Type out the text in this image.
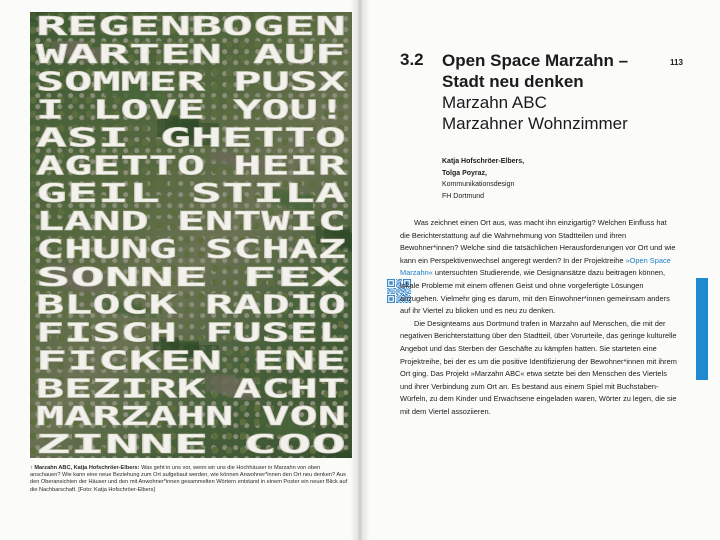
REGENBOGEN
WARTEN AUF
SOMMER PUSX
I LOVE YOU!
ASI GHETTO
AGETTO HEIR
GEIL STILA
LAND ENTWIC
CHUNG SCHAZ
SONNE FEX
BLOCK RADIO
FISCH FUSEL
FICKEN ENE
BEZIRK ACHT
MARZAHN VON
ZINNE COO
↑ Marzahn ABC, Katja Hofschröer-Elbers: Was geht in uns vor, wenn wir uns die Hochhäuser in Marzahn von oben anschauen? Wie kann eine neue Beziehung zum Ort aufgebaut werden, wie können Anwohner*innen den Ort neu denken? Aus den Oberansichten der Häuser und den mit Anwohner*innen gesammelten Wörtern entstand in einem Poster ein neuer Blick auf die Nachbarschaft. [Foto: Katja Hofschröer-Elbers]
3.2 Open Space Marzahn –

Stadt neu denken

Marzahn ABC

Marzahner Wohnzimmer

113
Katja Hofschröer-Elbers,
Tolga Poyraz,
Kommunikationsdesign
FH Dortmund

Was zeichnet einen Ort aus, was macht ihn einzigartig? Welchen Einfluss hat die Berichterstattung auf die Wahrnehmung von Stadtteilen und ihren Bewohner*innen? Welche sind die tatsächlichen Herausforderungen vor Ort und wie kann ein Perspektivenwechsel angeregt werden? In der Projektreihe »Open Space Marzahn« untersuchten Studierende, wie Designansätze dazu beitragen können, lokale Probleme mit einem offenen Geist und ohne vorgefertigte Lösungen anzugehen. Vielmehr ging es darum, mit den Einwohner*innen gemeinsam anders auf ihr Viertel zu blicken und es neu zu denken.

Die Designteams aus Dortmund trafen in Marzahn auf Menschen, die mit der negativen Berichterstattung über den Stadtteil, über Vorurteile, das geringe kulturelle Angebot und das Sterben der Geschäfte zu kämpfen hatten. Sie starteten eine Projektreihe, bei der es um die positive Identifizierung der Bewohner*innen mit ihrem Ort ging. Das Projekt »Marzahn ABC« etwa setzte bei den Menschen des Viertels und ihrer Verbindung zum Ort an. Es bestand aus einem Spiel mit Buchstaben-Würfeln, zu dem Kinder und Erwachsene eingeladen waren, Wörter zu legen, die sie mit dem Viertel assoziieren.
